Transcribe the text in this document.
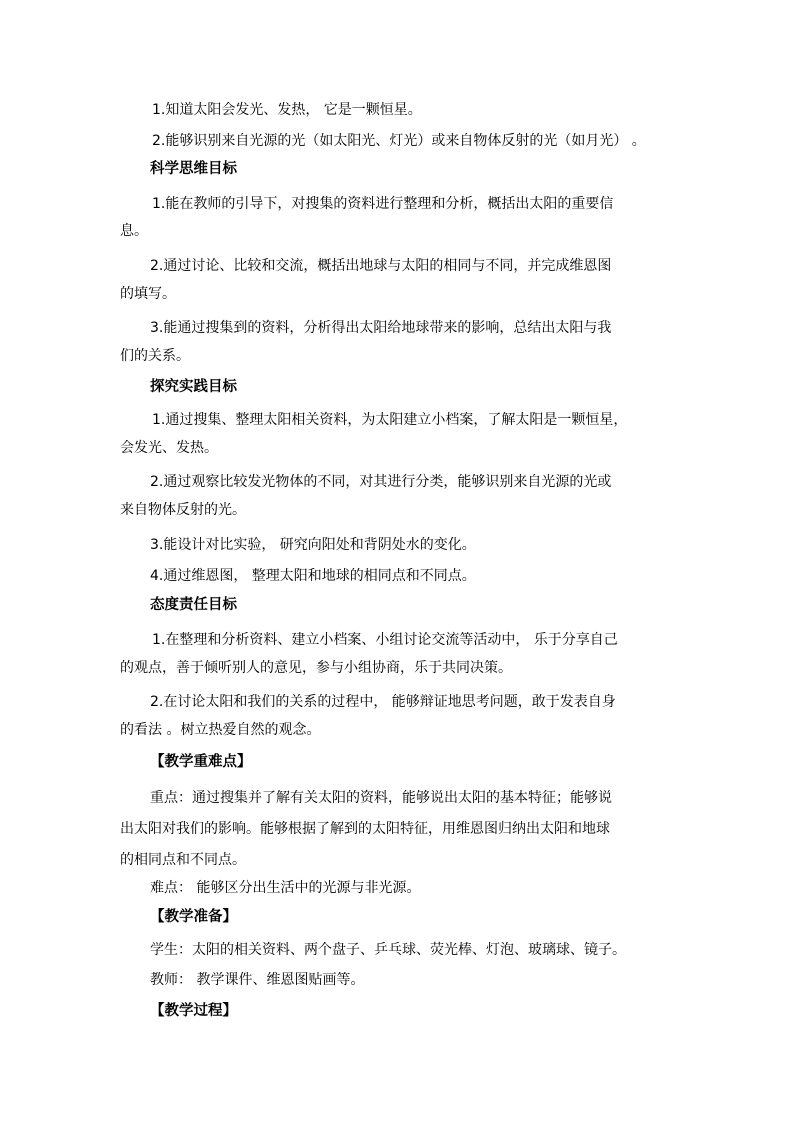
1.知道太阳会发光、发热， 它是一颗恒星。
2.能够识别来自光源的光（如太阳光、灯光）或来自物体反射的光（如月光） 。
科学思维目标
1.能在教师的引导下，对搜集的资料进行整理和分析，概括出太阳的重要信
息。
2.通过讨论、比较和交流，概括出地球与太阳的相同与不同，并完成维恩图
的填写。
3.能通过搜集到的资料，分析得出太阳给地球带来的影响，总结出太阳与我
们的关系。
探究实践目标
1.通过搜集、整理太阳相关资料，为太阳建立小档案，了解太阳是一颗恒星，
会发光、发热。
2.通过观察比较发光物体的不同，对其进行分类，能够识别来自光源的光或
来自物体反射的光。
3.能设计对比实验， 研究向阳处和背阴处水的变化。
4.通过维恩图， 整理太阳和地球的相同点和不同点。
态度责任目标
1.在整理和分析资料、建立小档案、小组讨论交流等活动中， 乐于分享自己
的观点，善于倾听别人的意见，参与小组协商，乐于共同决策。
2.在讨论太阳和我们的关系的过程中， 能够辩证地思考问题，敢于发表自身
的看法 。树立热爱自然的观念。
【教学重难点】
重点：通过搜集并了解有关太阳的资料，能够说出太阳的基本特征；能够说
出太阳对我们的影响。能够根据了解到的太阳特征，用维恩图归纳出太阳和地球
的相同点和不同点。
难点： 能够区分出生活中的光源与非光源。
【教学准备】
学生：太阳的相关资料、两个盘子、乒乓球、荧光棒、灯泡、玻璃球、镜子。
教师： 教学课件、维恩图贴画等。
【教学过程】
